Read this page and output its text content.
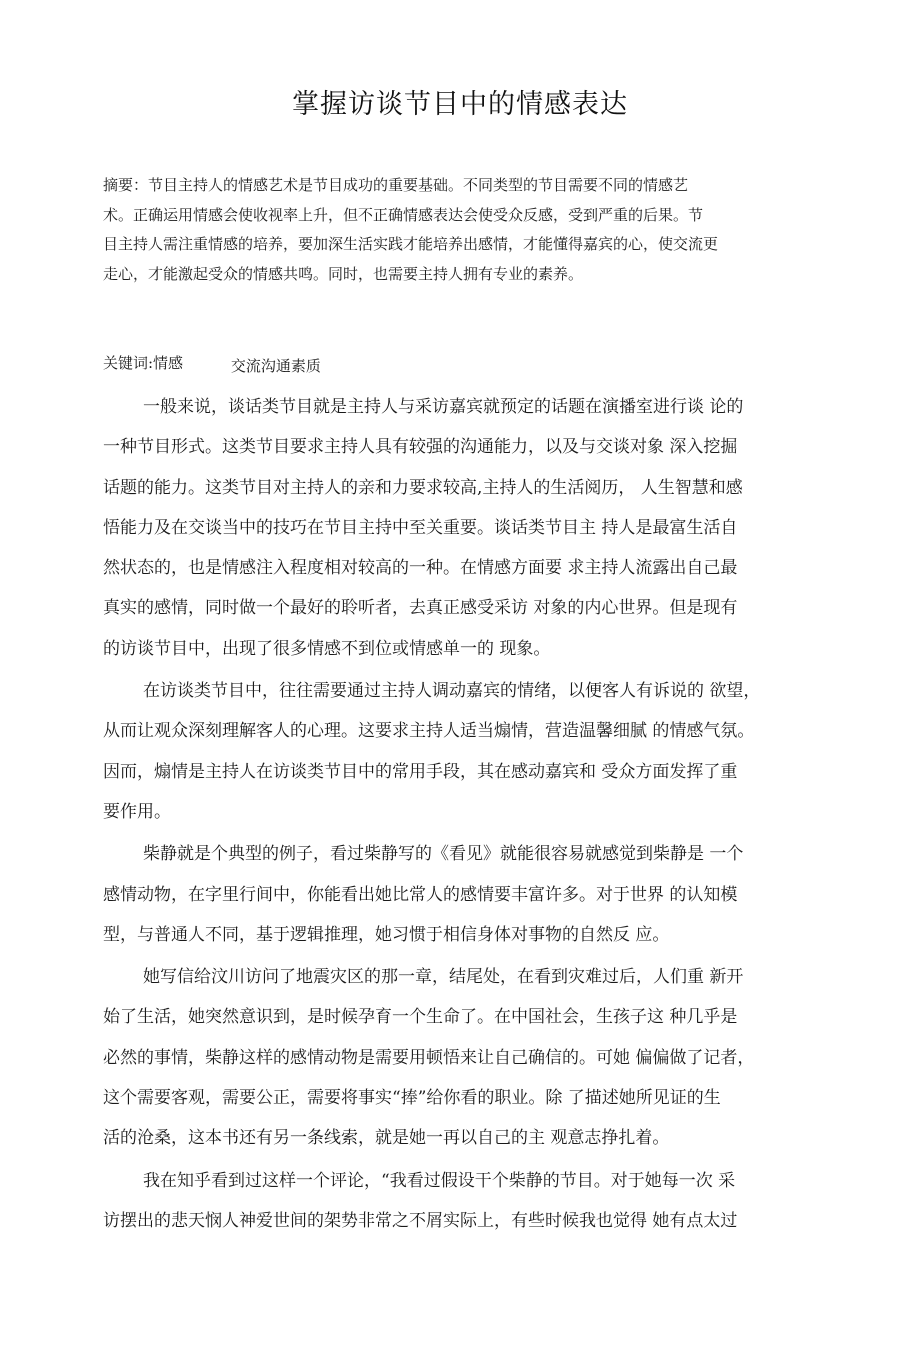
掌握访谈节目中的情感表达
摘要：节目主持人的情感艺术是节目成功的重要基础。不同类型的节目需要不同的情感艺
术。正确运用情感会使收视率上升，但不正确情感表达会使受众反感，受到严重的后果。节
目主持人需注重情感的培养，要加深生活实践才能培养出感情，才能懂得嘉宾的心，使交流更
走心，才能激起受众的情感共鸣。同时，也需要主持人拥有专业的素养。
关键词:情感	交流沟通素质
一般来说，谈话类节目就是主持人与采访嘉宾就预定的话题在演播室进行谈 论的
一种节目形式。这类节目要求主持人具有较强的沟通能力，以及与交谈对象 深入挖掘
话题的能力。这类节目对主持人的亲和力要求较高,主持人的生活阅历， 人生智慧和感
悟能力及在交谈当中的技巧在节目主持中至关重要。谈话类节目主 持人是最富生活自
然状态的，也是情感注入程度相对较高的一种。在情感方面要 求主持人流露出自己最
真实的感情，同时做一个最好的聆听者，去真正感受采访 对象的内心世界。但是现有
的访谈节目中，出现了很多情感不到位或情感单一的 现象。
在访谈类节目中，往往需要通过主持人调动嘉宾的情绪，以便客人有诉说的 欲望，
从而让观众深刻理解客人的心理。这要求主持人适当煽情，营造温馨细腻 的情感气氛。
因而，煽情是主持人在访谈类节目中的常用手段，其在感动嘉宾和 受众方面发挥了重
要作用。
柴静就是个典型的例子，看过柴静写的《看见》就能很容易就感觉到柴静是 一个
感情动物，在字里行间中，你能看出她比常人的感情要丰富许多。对于世界 的认知模
型，与普通人不同，基于逻辑推理，她习惯于相信身体对事物的自然反 应。
她写信给汶川访问了地震灾区的那一章，结尾处，在看到灾难过后，人们重 新开
始了生活，她突然意识到，是时候孕育一个生命了。在中国社会，生孩子这 种几乎是
必然的事情，柴静这样的感情动物是需要用顿悟来让自己确信的。可她 偏偏做了记者，
这个需要客观，需要公正，需要将事实“捧”给你看的职业。除 了描述她所见证的生
活的沧桑，这本书还有另一条线索，就是她一再以自己的主 观意志挣扎着。
我在知乎看到过这样一个评论，“我看过假设干个柴静的节目。对于她每一次 采
访摆出的悲天悯人神爱世间的架势非常之不屑实际上，有些时候我也觉得 她有点太过
